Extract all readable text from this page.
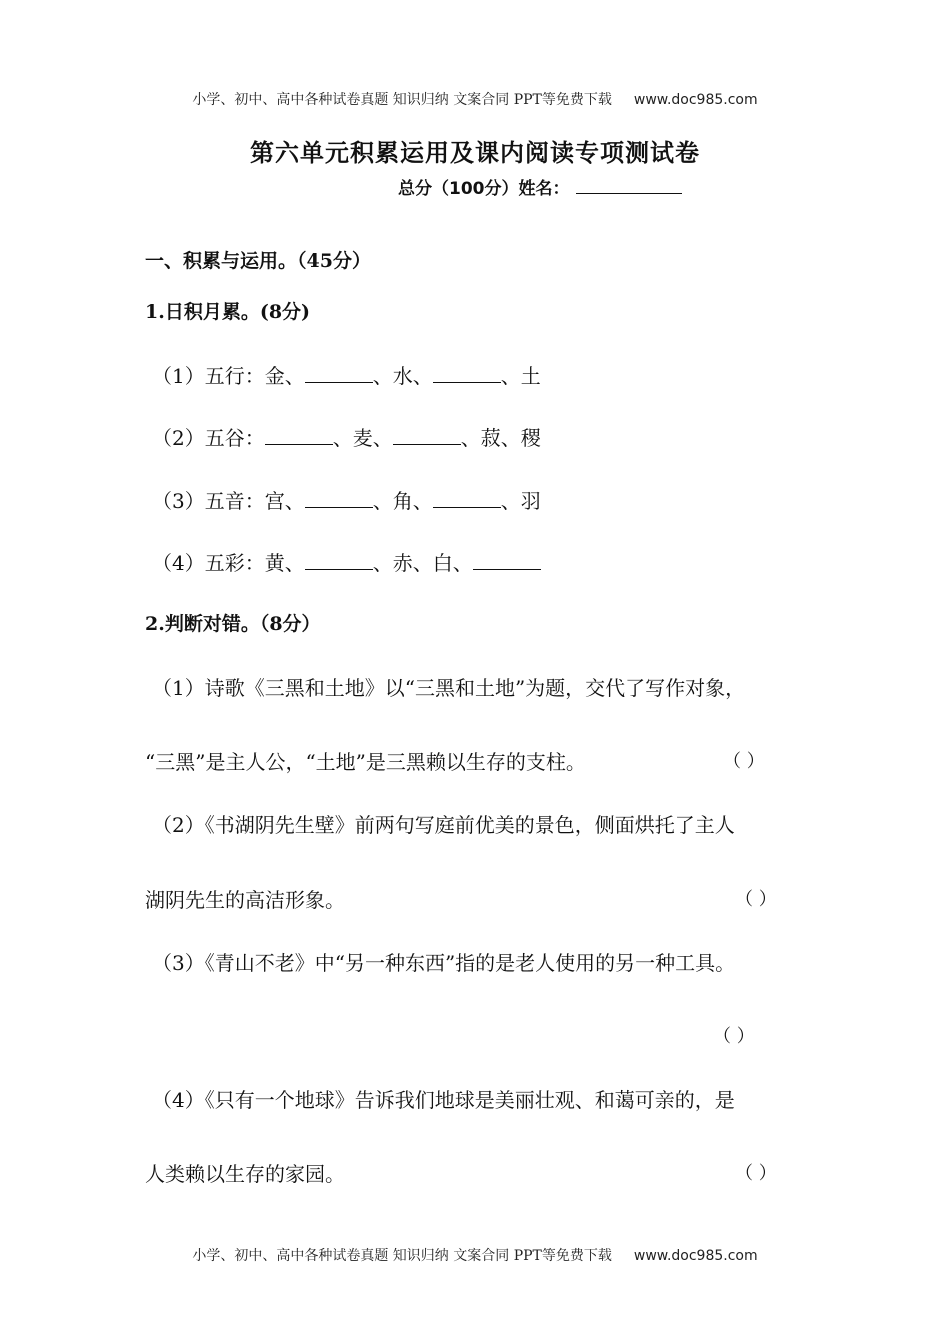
小学、初中、高中各种试卷真题 知识归纳 文案合同 PPT等免费下载 www.doc985.com
第六单元积累运用及课内阅读专项测试卷
总分（100分）姓名：
一、积累与运用。（45分）
1.日积月累。(8分)
（1）五行：金、	、水、	、土
（2）五谷：	、麦、	、菽、稷
（3）五音：宫、	、角、	、羽
（4）五彩：黄、	、赤、白、
2.判断对错。（8分）
（1）诗歌《三黑和土地》以“三黑和土地”为题，交代了写作对象，
“三黑”是主人公，“土地”是三黑赖以生存的支柱。	（ ）
（2）《书湖阴先生壁》前两句写庭前优美的景色，侧面烘托了主人
湖阴先生的高洁形象。	（ ）
（3）《青山不老》中“另一种东西”指的是老人使用的另一种工具。
（ ）
（4）《只有一个地球》告诉我们地球是美丽壮观、和蔼可亲的，是
人类赖以生存的家园。	（ ）
小学、初中、高中各种试卷真题 知识归纳 文案合同 PPT等免费下载 www.doc985.com
